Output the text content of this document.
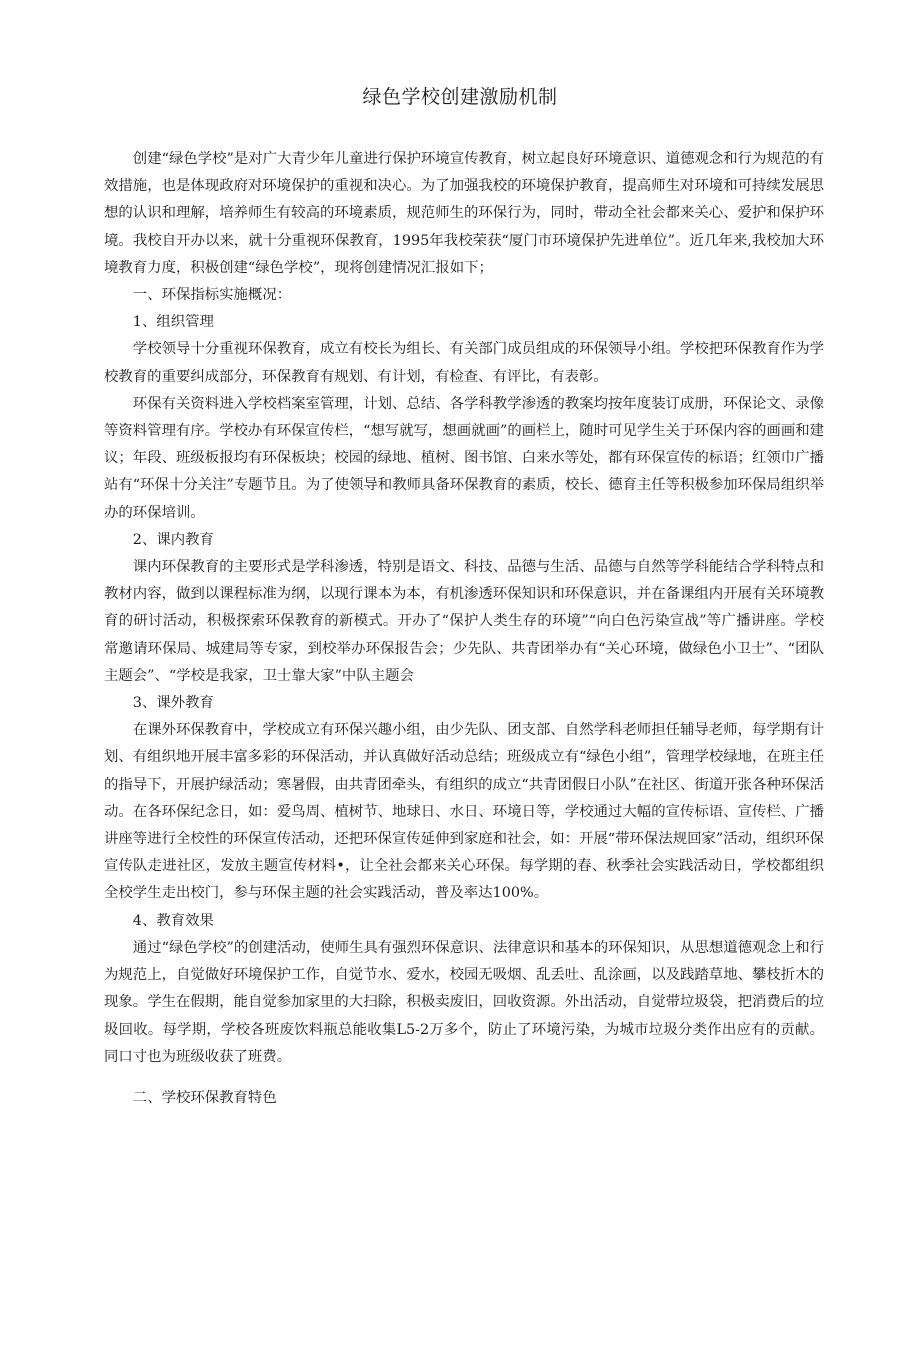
绿色学校创建激励机制

创建“绿色学校”是对广大青少年儿童进行保护环境宣传教育，树立起良好环境意识、道德观念和行为规范的有效措施，也是体现政府对环境保护的重视和决心。为了加强我校的环境保护教育，提高师生对环境和可持续发展思想的认识和理解，培养师生有较高的环境素质，规范师生的环保行为，同时，带动全社会都来关心、爱护和保护环境。我校自开办以来，就十分重视环保教育，1995年我校荣获“厦门市环境保护先进单位”。近几年来,我校加大环境教育力度，积极创建“绿色学校”，现将创建情况汇报如下；

一、环保指标实施概况：

1、组织管理

学校领导十分重视环保教育，成立有校长为组长、有关部门成员组成的环保领导小组。学校把环保教育作为学校教育的重要纠成部分，环保教育有规划、有计划，有检查、有评比，有表彰。

环保有关资料进入学校档案室管理，计划、总结、各学科教学渗透的教案均按年度装订成册，环保论文、录像等资料管理有序。学校办有环保宣传栏，“想写就写，想画就画”的画栏上，随时可见学生关于环保内容的画画和建议；年段、班级板报均有环保板块；校园的绿地、植树、图书馆、白来水等处，都有环保宣传的标语；红领巾广播站有“环保十分关注”专题节且。为了使领导和教师具备环保教育的素质，校长、德育主任等积极参加环保局组织举办的环保培训。

2、课内教育

课内环保教育的主要形式是学科渗透，特别是语文、科技、品德与生活、品德与自然等学科能结合学科特点和教材内容，做到以课程标准为纲，以现行课本为本，有机渗透环保知识和环保意识，并在备课组内开展有关环境教育的研讨活动，积极探索环保教育的新模式。开办了“保护人类生存的环境”“向白色污染宣战”等广播讲座。学校常邀请环保局、城建局等专家，到校举办环保报告会；少先队、共青团举办有“关心环境，做绿色小卫士”、“团队主题会”、“学校是我家，卫士靠大家”中队主题会

3、课外教育

在课外环保教育中，学校成立有环保兴趣小组，由少先队、团支部、自然学科老师担任辅导老师，每学期有计划、有组织地开展丰富多彩的环保活动，并认真做好活动总结；班级成立有“绿色小组”，管理学校绿地，在班主任的指导下，开展护绿活动；寒暑假，由共青团牵头，有组织的成立“共青团假日小队”在社区、街道开张各种环保活动。在各环保纪念日，如：爱鸟周、植树节、地球日、水日、环境日等，学校通过大幅的宣传标语、宣传栏、广播讲座等进行全校性的环保宣传活动，还把环保宣传延伸到家庭和社会，如：开展“带环保法规回家”活动，组织环保宣传队走进社区，发放主题宣传材料•，让全社会都来关心环保。每学期的春、秋季社会实践活动日，学校都组织全校学生走出校门，参与环保主题的社会实践活动，普及率达100%。

4、教育效果

通过“绿色学校”的创建活动，使师生具有强烈环保意识、法律意识和基本的环保知识，从思想道德观念上和行为规范上，自觉做好环境保护工作，自觉节水、爱水，校园无吸烟、乱丢吐、乱涂画，以及践踏草地、攀枝折木的现象。学生在假期，能自觉参加家里的大扫除，积极卖废旧，回收资源。外出活动，自觉带垃圾袋，把消费后的垃圾回收。每学期，学校各班废饮料瓶总能收集L5-2万多个，防止了环境污染，为城市垃圾分类作出应有的贡献。同口寸也为班级收获了班费。

二、学校环保教育特色
